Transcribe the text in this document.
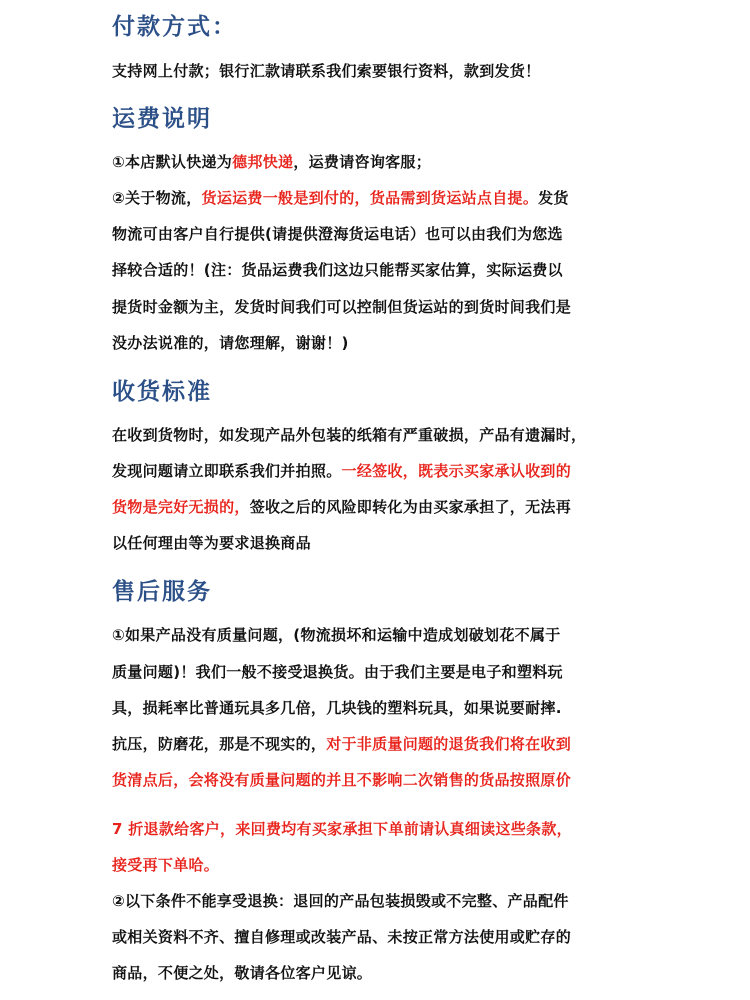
付款方式：
支持网上付款；银行汇款请联系我们索要银行资料，款到发货！
运费说明
①本店默认快递为德邦快递，运费请咨询客服；
②关于物流，货运运费一般是到付的，货品需到货运站点自提。发货
物流可由客户自行提供(请提供澄海货运电话）也可以由我们为您选
择较合适的！(注：货品运费我们这边只能帮买家估算，实际运费以
提货时金额为主，发货时间我们可以控制但货运站的到货时间我们是
没办法说准的，请您理解，谢谢！)
收货标准
在收到货物时，如发现产品外包装的纸箱有严重破损，产品有遗漏时，
发现问题请立即联系我们并拍照。一经签收，既表示买家承认收到的
货物是完好无损的，签收之后的风险即转化为由买家承担了，无法再
以任何理由等为要求退换商品
售后服务
①如果产品没有质量问题，(物流损坏和运输中造成划破划花不属于
质量问题)！我们一般不接受退换货。由于我们主要是电子和塑料玩
具，损耗率比普通玩具多几倍，几块钱的塑料玩具，如果说要耐摔.
抗压，防磨花，那是不现实的，对于非质量问题的退货我们将在收到
货清点后，会将没有质量问题的并且不影响二次销售的货品按照原价
7 折退款给客户，来回费均有买家承担下单前请认真细读这些条款，
接受再下单哈。
②以下条件不能享受退换：退回的产品包装损毁或不完整、产品配件
或相关资料不齐、擅自修理或改装产品、未按正常方法使用或贮存的
商品，不便之处，敬请各位客户见谅。
